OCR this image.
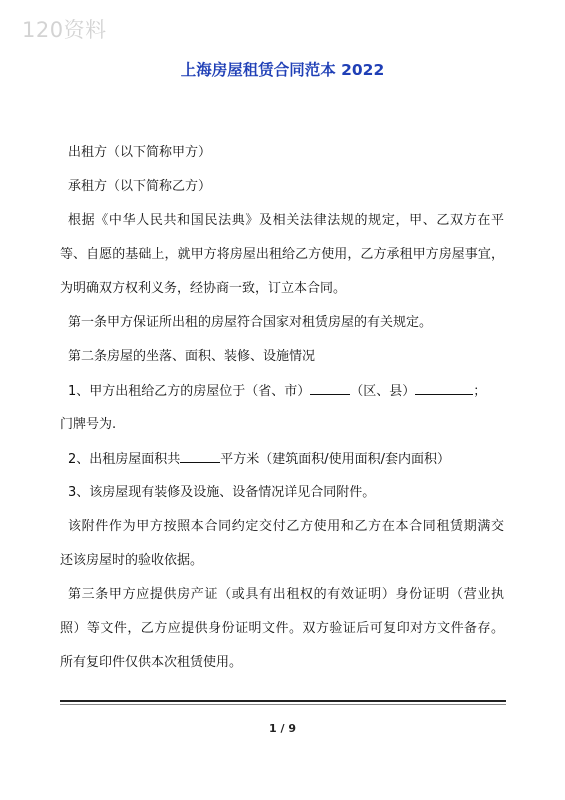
120资料
上海房屋租赁合同范本 2022
出租方（以下简称甲方）
承租方（以下简称乙方）
根据《中华人民共和国民法典》及相关法律法规的规定，甲、乙双方在平
等、自愿的基础上，就甲方将房屋出租给乙方使用，乙方承租甲方房屋事宜，
为明确双方权利义务，经协商一致，订立本合同。
第一条甲方保证所出租的房屋符合国家对租赁房屋的有关规定。
第二条房屋的坐落、面积、装修、设施情况
1、甲方出租给乙方的房屋位于（省、市）	（区、县）	；
门牌号为.
2、出租房屋面积共	平方米（建筑面积/使用面积/套内面积）
3、该房屋现有装修及设施、设备情况详见合同附件。
该附件作为甲方按照本合同约定交付乙方使用和乙方在本合同租赁期满交
还该房屋时的验收依据。
第三条甲方应提供房产证（或具有出租权的有效证明）身份证明（营业执
照）等文件，乙方应提供身份证明文件。双方验证后可复印对方文件备存。
所有复印件仅供本次租赁使用。
1 / 9
